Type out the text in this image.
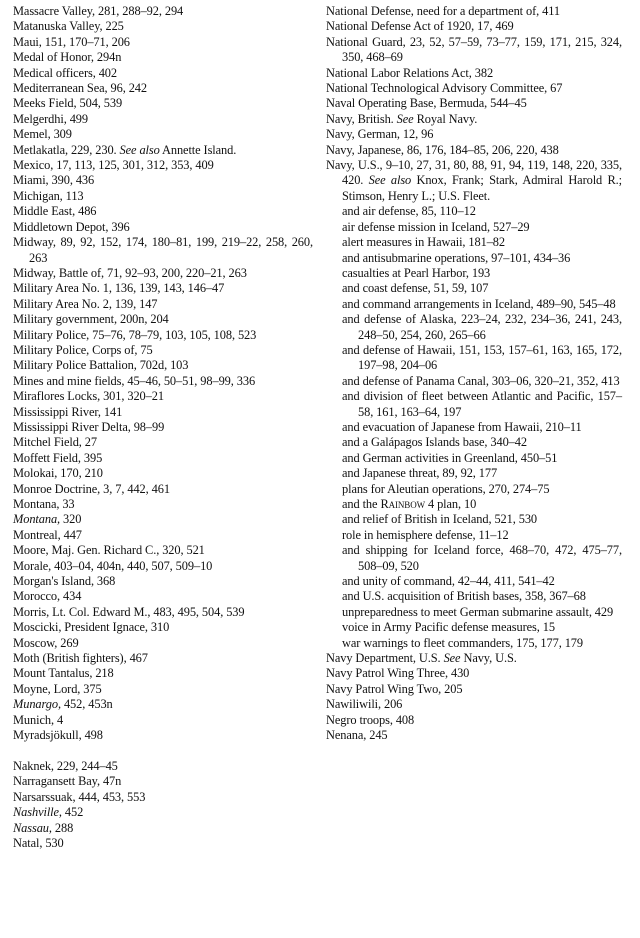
Massacre Valley, 281, 288–92, 294
Matanuska Valley, 225
Maui, 151, 170–71, 206
Medal of Honor, 294n
Medical officers, 402
Mediterranean Sea, 96, 242
Meeks Field, 504, 539
Melgerdhi, 499
Memel, 309
Metlakatla, 229, 230. See also Annette Island.
Mexico, 17, 113, 125, 301, 312, 353, 409
Miami, 390, 436
Michigan, 113
Middle East, 486
Middletown Depot, 396
Midway, 89, 92, 152, 174, 180–81, 199, 219–22, 258, 260, 263
Midway, Battle of, 71, 92–93, 200, 220–21, 263
Military Area No. 1, 136, 139, 143, 146–47
Military Area No. 2, 139, 147
Military government, 200n, 204
Military Police, 75–76, 78–79, 103, 105, 108, 523
Military Police, Corps of, 75
Military Police Battalion, 702d, 103
Mines and mine fields, 45–46, 50–51, 98–99, 336
Miraflores Locks, 301, 320–21
Mississippi River, 141
Mississippi River Delta, 98–99
Mitchel Field, 27
Moffett Field, 395
Molokai, 170, 210
Monroe Doctrine, 3, 7, 442, 461
Montana, 33
Montana, 320
Montreal, 447
Moore, Maj. Gen. Richard C., 320, 521
Morale, 403–04, 404n, 440, 507, 509–10
Morgan's Island, 368
Morocco, 434
Morris, Lt. Col. Edward M., 483, 495, 504, 539
Moscicki, President Ignace, 310
Moscow, 269
Moth (British fighters), 467
Mount Tantalus, 218
Moyne, Lord, 375
Munargo, 452, 453n
Munich, 4
Myradsjökull, 498
Naknek, 229, 244–45
Narragansett Bay, 47n
Narsarssuak, 444, 453, 553
Nashville, 452
Nassau, 288
Natal, 530
National Defense, need for a department of, 411
National Defense Act of 1920, 17, 469
National Guard, 23, 52, 57–59, 73–77, 159, 171, 215, 324, 350, 468–69
National Labor Relations Act, 382
National Technological Advisory Committee, 67
Naval Operating Base, Bermuda, 544–45
Navy, British. See Royal Navy.
Navy, German, 12, 96
Navy, Japanese, 86, 176, 184–85, 206, 220, 438
Navy, U.S., 9–10, 27, 31, 80, 88, 91, 94, 119, 148, 220, 335, 420. See also Knox, Frank; Stark, Admiral Harold R.; Stimson, Henry L.; U.S. Fleet.
and air defense, 85, 110–12
air defense mission in Iceland, 527–29
alert measures in Hawaii, 181–82
and antisubmarine operations, 97–101, 434–36
casualties at Pearl Harbor, 193
and coast defense, 51, 59, 107
and command arrangements in Iceland, 489–90, 545–48
and defense of Alaska, 223–24, 232, 234–36, 241, 243, 248–50, 254, 260, 265–66
and defense of Hawaii, 151, 153, 157–61, 163, 165, 172, 197–98, 204–06
and defense of Panama Canal, 303–06, 320–21, 352, 413
and division of fleet between Atlantic and Pacific, 157–58, 161, 163–64, 197
and evacuation of Japanese from Hawaii, 210–11
and a Galápagos Islands base, 340–42
and German activities in Greenland, 450–51
and Japanese threat, 89, 92, 177
plans for Aleutian operations, 270, 274–75
and the Rainbow 4 plan, 10
and relief of British in Iceland, 521, 530
role in hemisphere defense, 11–12
and shipping for Iceland force, 468–70, 472, 475–77, 508–09, 520
and unity of command, 42–44, 411, 541–42
and U.S. acquisition of British bases, 358, 367–68
unpreparedness to meet German submarine assault, 429
voice in Army Pacific defense measures, 15
war warnings to fleet commanders, 175, 177, 179
Navy Department, U.S. See Navy, U.S.
Navy Patrol Wing Three, 430
Navy Patrol Wing Two, 205
Nawiliwili, 206
Negro troops, 408
Nenana, 245
